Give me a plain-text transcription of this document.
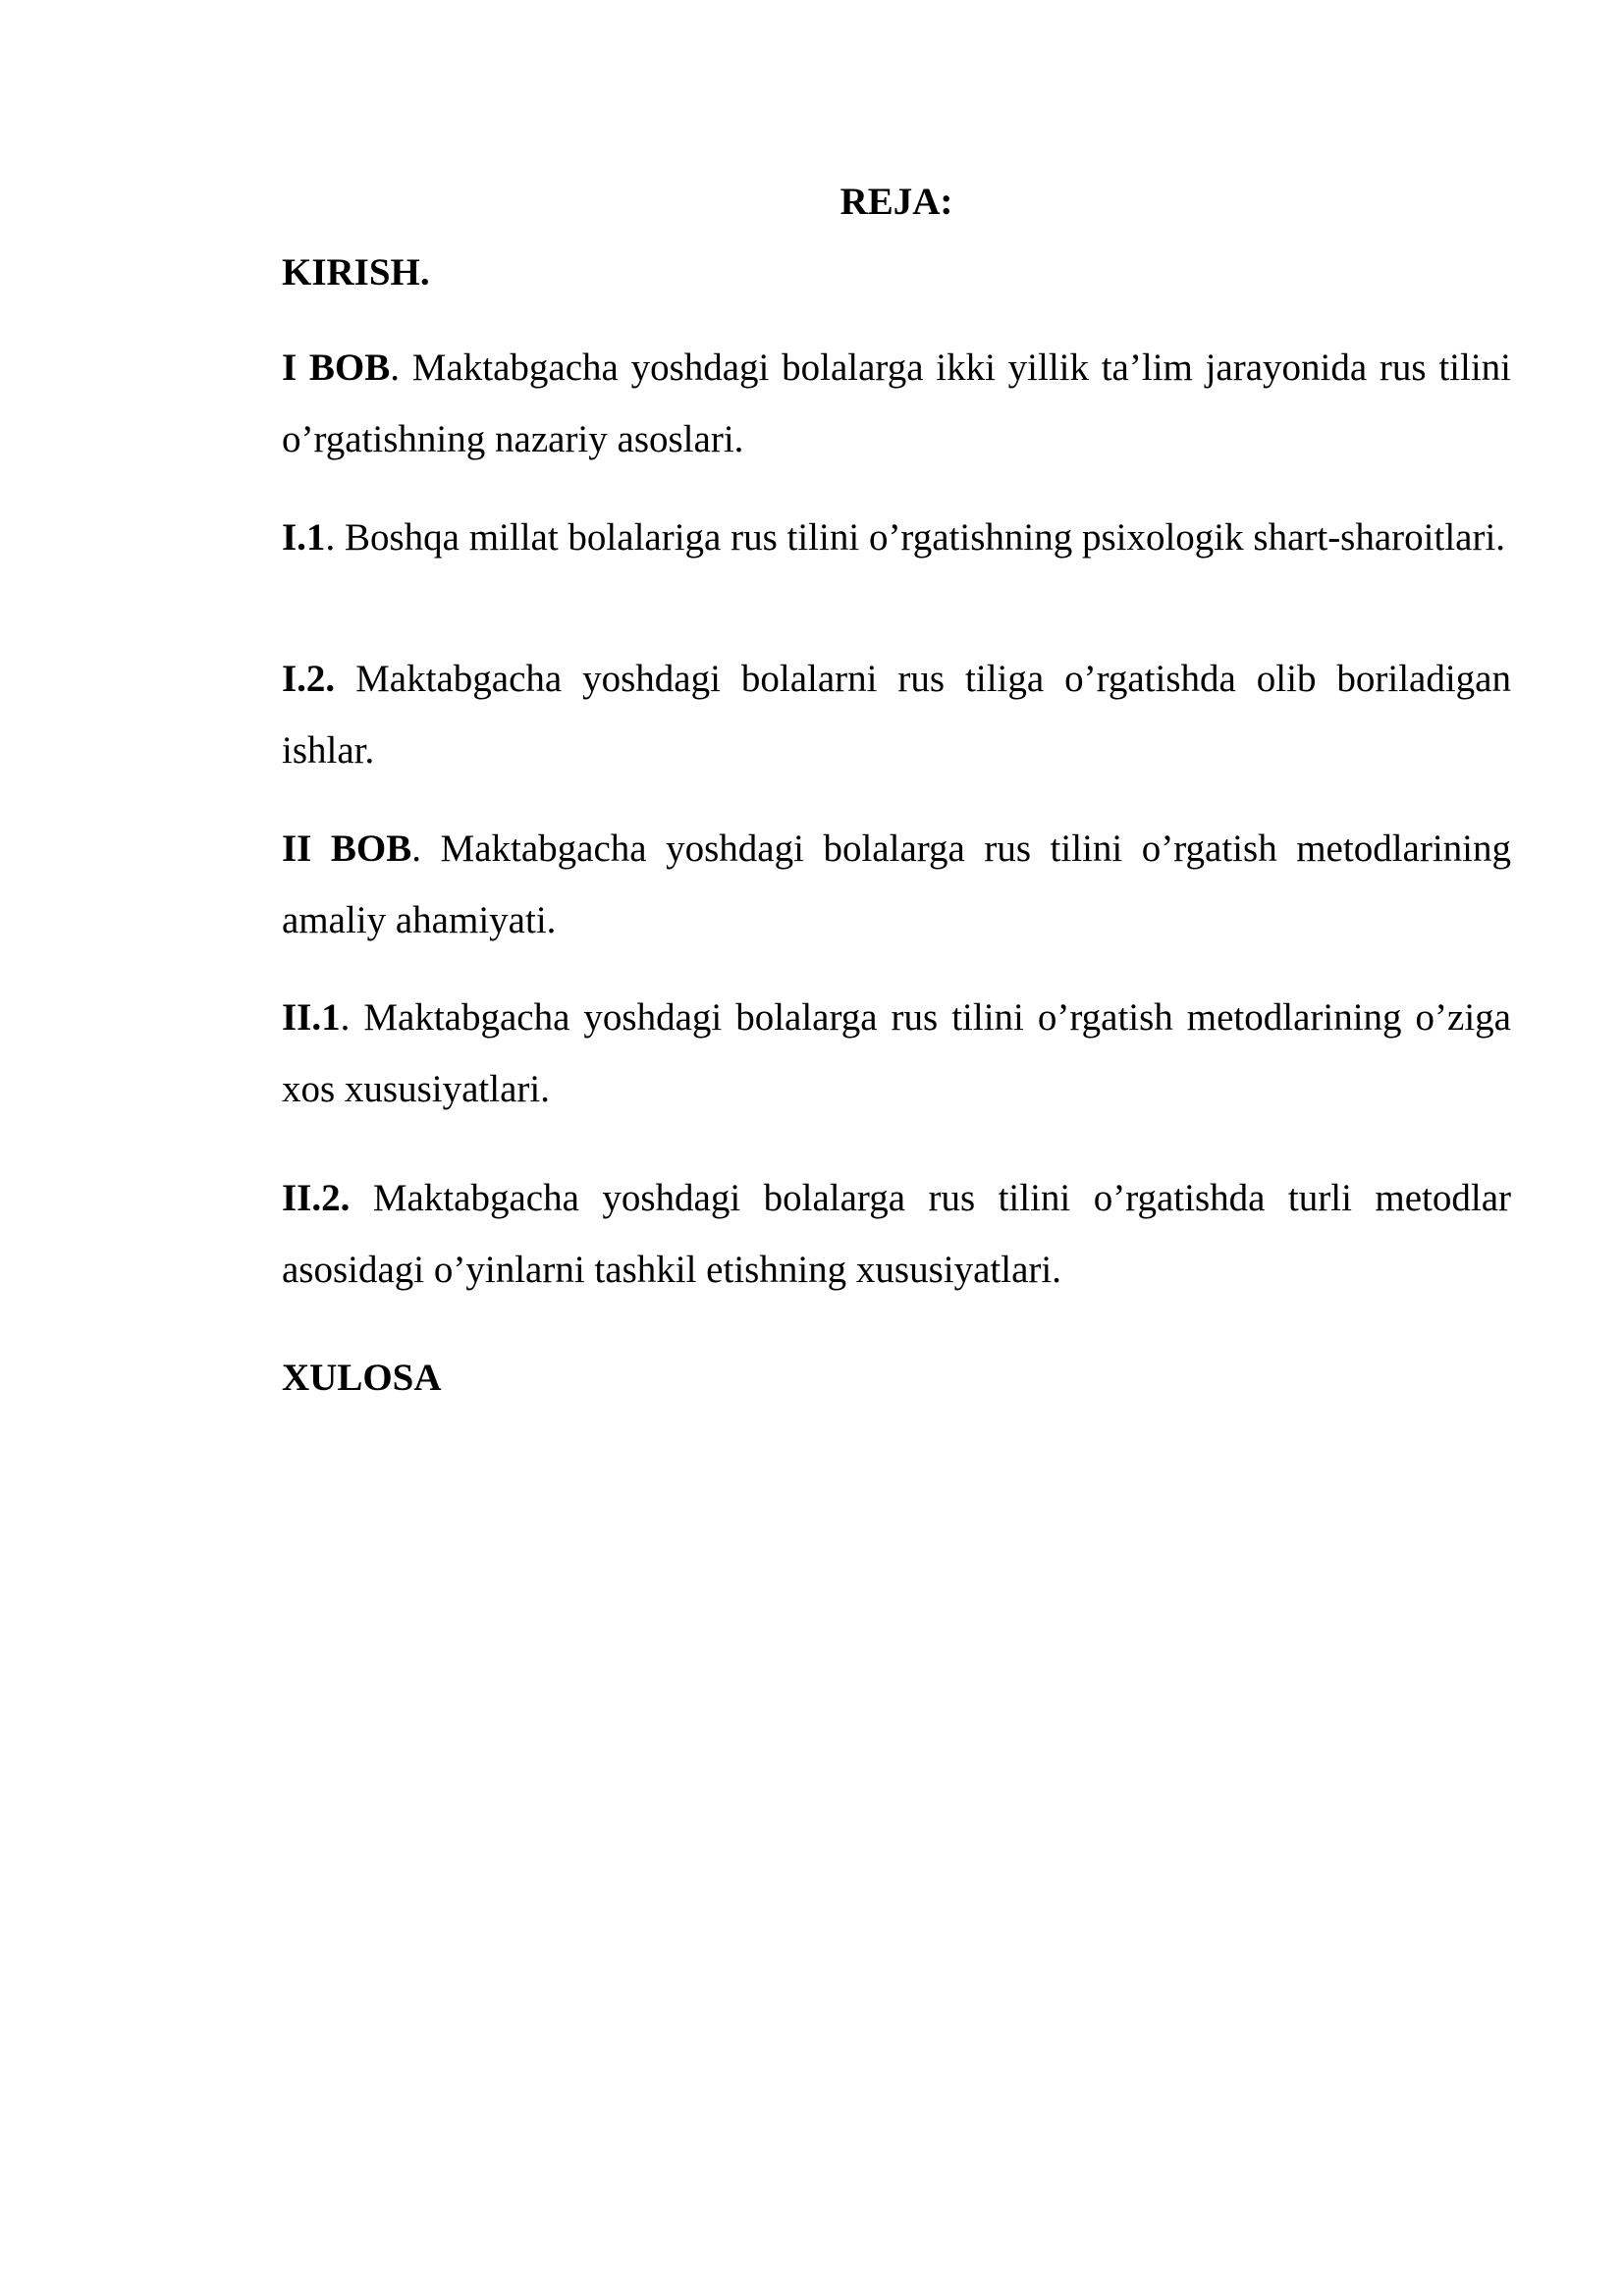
REJA:

KIRISH.

I BOB. Maktabgacha yoshdagi bolalarga ikki yillik ta’lim jarayonida rus tilini o’rgatishning nazariy asoslari.

I.1. Boshqa millat bolalariga rus tilini o’rgatishning psixologik shart-sharoitlari.

I.2. Maktabgacha yoshdagi bolalarni rus tiliga o’rgatishda olib boriladigan ishlar.

II BOB. Maktabgacha yoshdagi bolalarga rus tilini o’rgatish metodlarining amaliy ahamiyati.

II.1. Maktabgacha yoshdagi bolalarga rus tilini o’rgatish metodlarining o’ziga xos xususiyatlari.

II.2. Maktabgacha yoshdagi bolalarga rus tilini o’rgatishda turli metodlar asosidagi o’yinlarni tashkil etishning xususiyatlari.

XULOSA
